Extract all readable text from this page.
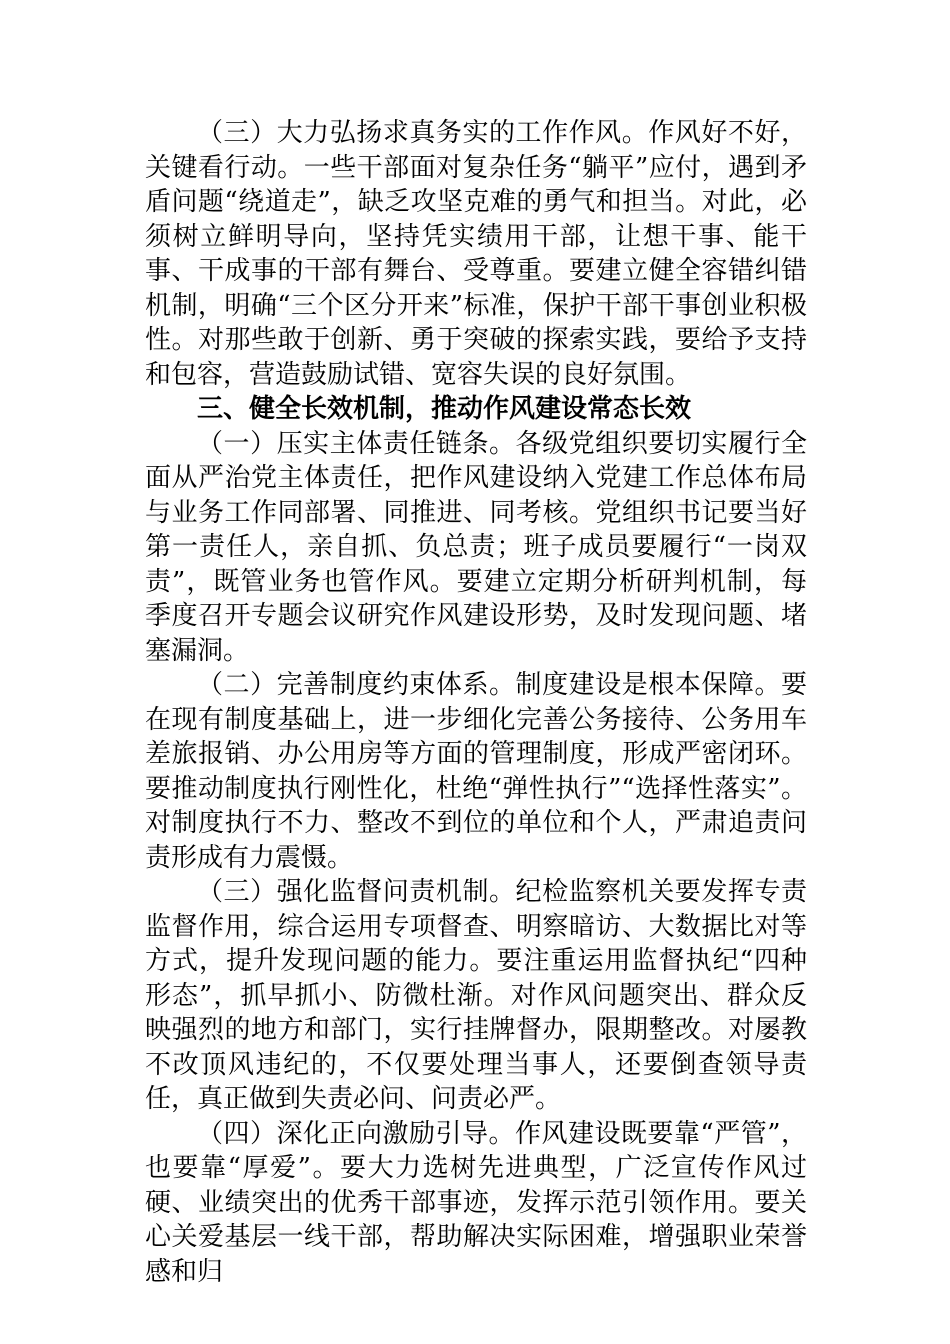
（三）大力弘扬求真务实的工作作风。作风好不好，关键看行动。一些干部面对复杂任务“躺平”应付，遇到矛盾问题“绕道走”，缺乏攻坚克难的勇气和担当。对此，必须树立鲜明导向，坚持凭实绩用干部，让想干事、能干事、干成事的干部有舞台、受尊重。要建立健全容错纠错机制，明确“三个区分开来”标准，保护干部干事创业积极性。对那些敢于创新、勇于突破的探索实践，要给予支持和包容，营造鼓励试错、宽容失误的良好氛围。

三、健全长效机制，推动作风建设常态长效

（一）压实主体责任链条。各级党组织要切实履行全面从严治党主体责任，把作风建设纳入党建工作总体布局与业务工作同部署、同推进、同考核。党组织书记要当好第一责任人，亲自抓、负总责；班子成员要履行“一岗双责”，既管业务也管作风。要建立定期分析研判机制，每季度召开专题会议研究作风建设形势，及时发现问题、堵塞漏洞。

（二）完善制度约束体系。制度建设是根本保障。要在现有制度基础上，进一步细化完善公务接待、公务用车差旅报销、办公用房等方面的管理制度，形成严密闭环。要推动制度执行刚性化，杜绝“弹性执行”“选择性落实”。对制度执行不力、整改不到位的单位和个人，严肃追责问责形成有力震慑。

（三）强化监督问责机制。纪检监察机关要发挥专责监督作用，综合运用专项督查、明察暗访、大数据比对等方式，提升发现问题的能力。要注重运用监督执纪“四种形态”，抓早抓小、防微杜渐。对作风问题突出、群众反映强烈的地方和部门，实行挂牌督办，限期整改。对屡教不改顶风违纪的，不仅要处理当事人，还要倒查领导责任，真正做到失责必问、问责必严。

（四）深化正向激励引导。作风建设既要靠“严管”，也要靠“厚爱”。要大力选树先进典型，广泛宣传作风过硬、业绩突出的优秀干部事迹，发挥示范引领作用。要关心关爱基层一线干部，帮助解决实际困难，增强职业荣誉感和归
